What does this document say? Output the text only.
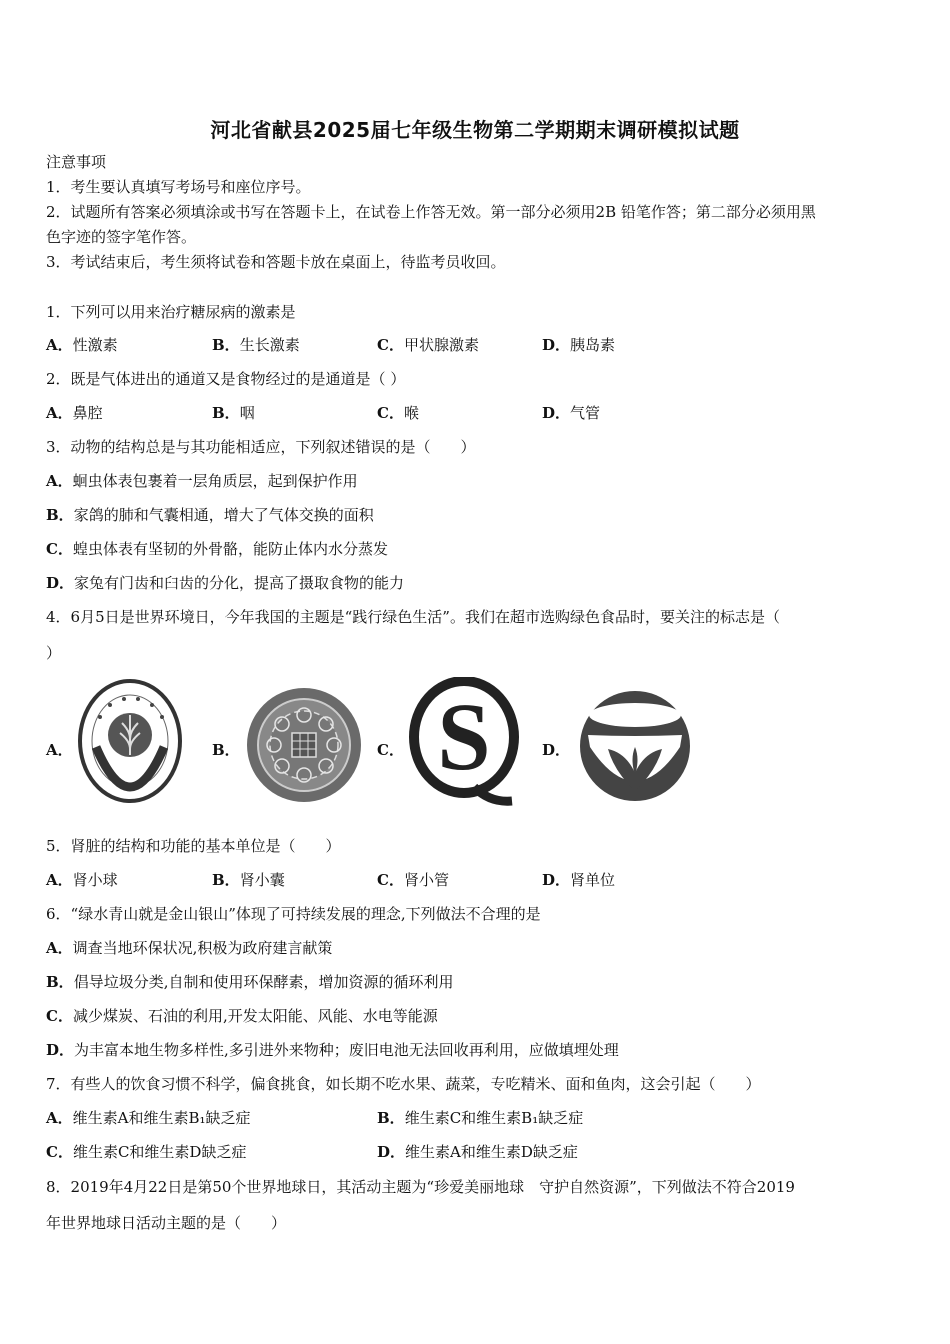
河北省献县2025届七年级生物第二学期期末调研模拟试题
注意事项
1．考生要认真填写考场号和座位序号。
2．试题所有答案必须填涂或书写在答题卡上，在试卷上作答无效。第一部分必须用2B 铅笔作答；第二部分必须用黑
色字迹的签字笔作答。
3．考试结束后，考生须将试卷和答题卡放在桌面上，待监考员收回。
1．下列可以用来治疗糖尿病的激素是
A．性激素	B．生长激素	C．甲状腺激素	D．胰岛素
2．既是气体进出的通道又是食物经过的是通道是（ ）
A．鼻腔	B．咽	C．喉	D．气管
3．动物的结构总是与其功能相适应，下列叙述错误的是（　　）
A．蛔虫体表包裹着一层角质层，起到保护作用
B．家鸽的肺和气囊相通，增大了气体交换的面积
C．蝗虫体表有坚韧的外骨骼，能防止体内水分蒸发
D．家兔有门齿和臼齿的分化，提高了摄取食物的能力
4．6月5日是世界环境日，今年我国的主题是“践行绿色生活”。我们在超市选购绿色食品时，要关注的标志是（
）
A．	B．	C．	D．
S
5．肾脏的结构和功能的基本单位是（　　）
A．肾小球	B．肾小囊	C．肾小管	D．肾单位
6．“绿水青山就是金山银山”体现了可持续发展的理念,下列做法不合理的是
A．调查当地环保状况,积极为政府建言献策
B．倡导垃圾分类,自制和使用环保酵素，增加资源的循环利用
C．减少煤炭、石油的利用,开发太阳能、风能、水电等能源
D．为丰富本地生物多样性,多引进外来物种；废旧电池无法回收再利用，应做填埋处理
7．有些人的饮食习惯不科学，偏食挑食，如长期不吃水果、蔬菜，专吃精米、面和鱼肉，这会引起（　　）
A．维生素A和维生素B₁缺乏症	B．维生素C和维生素B₁缺乏症
C．维生素C和维生素D缺乏症	D．维生素A和维生素D缺乏症
8．2019年4月22日是第50个世界地球日，其活动主题为“珍爱美丽地球　守护自然资源”，下列做法不符合2019
年世界地球日活动主题的是（　　）
